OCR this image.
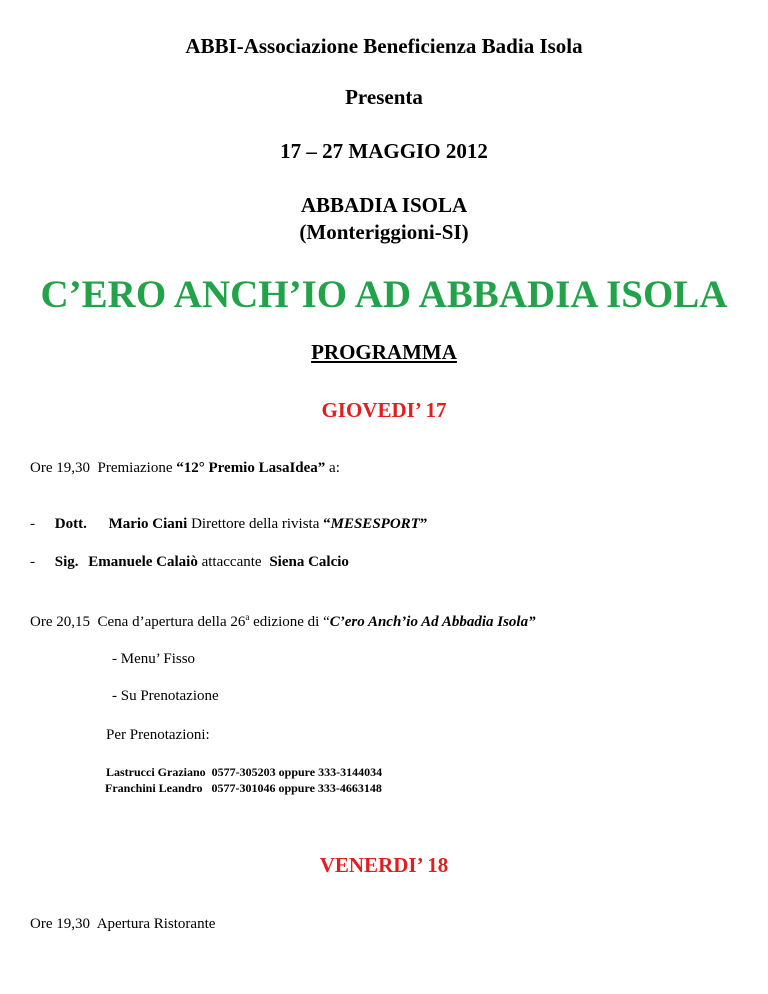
ABBI-Associazione Beneficienza Badia Isola
Presenta
17 – 27 MAGGIO 2012
ABBADIA ISOLA
(Monteriggioni-SI)
C’ERO ANCH’IO AD ABBADIA ISOLA
PROGRAMMA
GIOVEDI’ 17
Ore 19,30 Premiazione “12° Premio LasaIdea” a:
- Dott. Mario Ciani Direttore della rivista “MESESPORT”
- Sig. Emanuele Calaiò attaccante Siena Calcio
Ore 20,15 Cena d’apertura della 26$^a$ edizione di “C’ero Anch’io Ad Abbadia Isola”
- Menu’ Fisso
- Su Prenotazione
Per Prenotazioni:
Lastrucci Graziano  0577-305203 oppure 333-3144034
Franchini Leandro   0577-301046 oppure 333-4663148
VENERDI’ 18
Ore 19,30 Apertura Ristorante
